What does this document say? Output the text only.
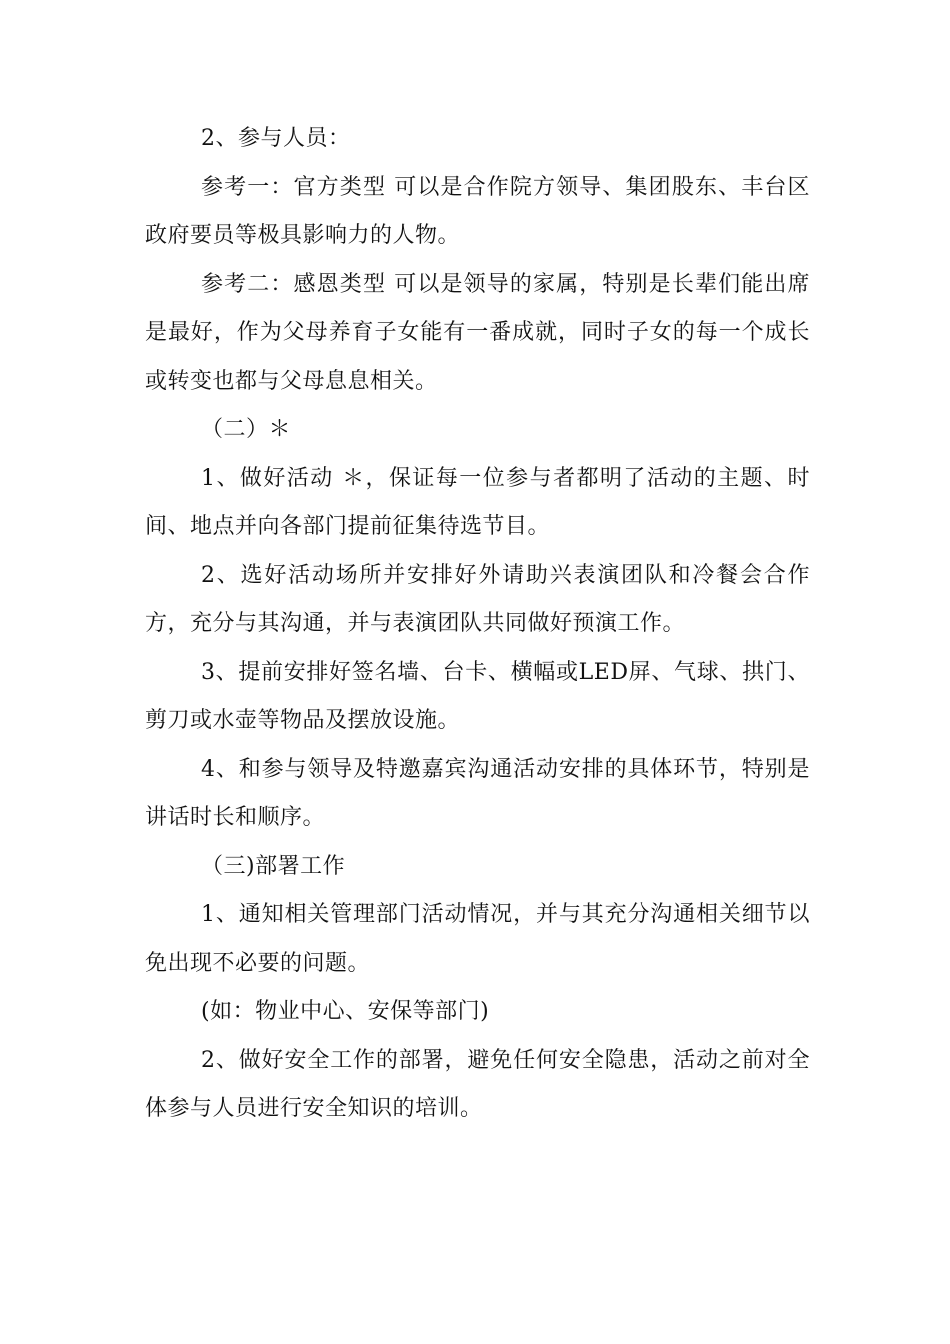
2、参与人员：

参考一：官方类型 可以是合作院方领导、集团股东、丰台区政府要员等极具影响力的人物。

参考二：感恩类型 可以是领导的家属，特别是长辈们能出席是最好，作为父母养育子女能有一番成就，同时子女的每一个成长或转变也都与父母息息相关。

（二）＊

1、做好活动 ＊，保证每一位参与者都明了活动的主题、时间、地点并向各部门提前征集待选节目。

2、选好活动场所并安排好外请助兴表演团队和冷餐会合作方，充分与其沟通，并与表演团队共同做好预演工作。

3、提前安排好签名墙、台卡、横幅或LED屏、气球、拱门、剪刀或水壶等物品及摆放设施。

4、和参与领导及特邀嘉宾沟通活动安排的具体环节，特别是讲话时长和顺序。

（三)部署工作

1、通知相关管理部门活动情况，并与其充分沟通相关细节以免出现不必要的问题。

(如：物业中心、安保等部门)

2、做好安全工作的部署，避免任何安全隐患，活动之前对全体参与人员进行安全知识的培训。
